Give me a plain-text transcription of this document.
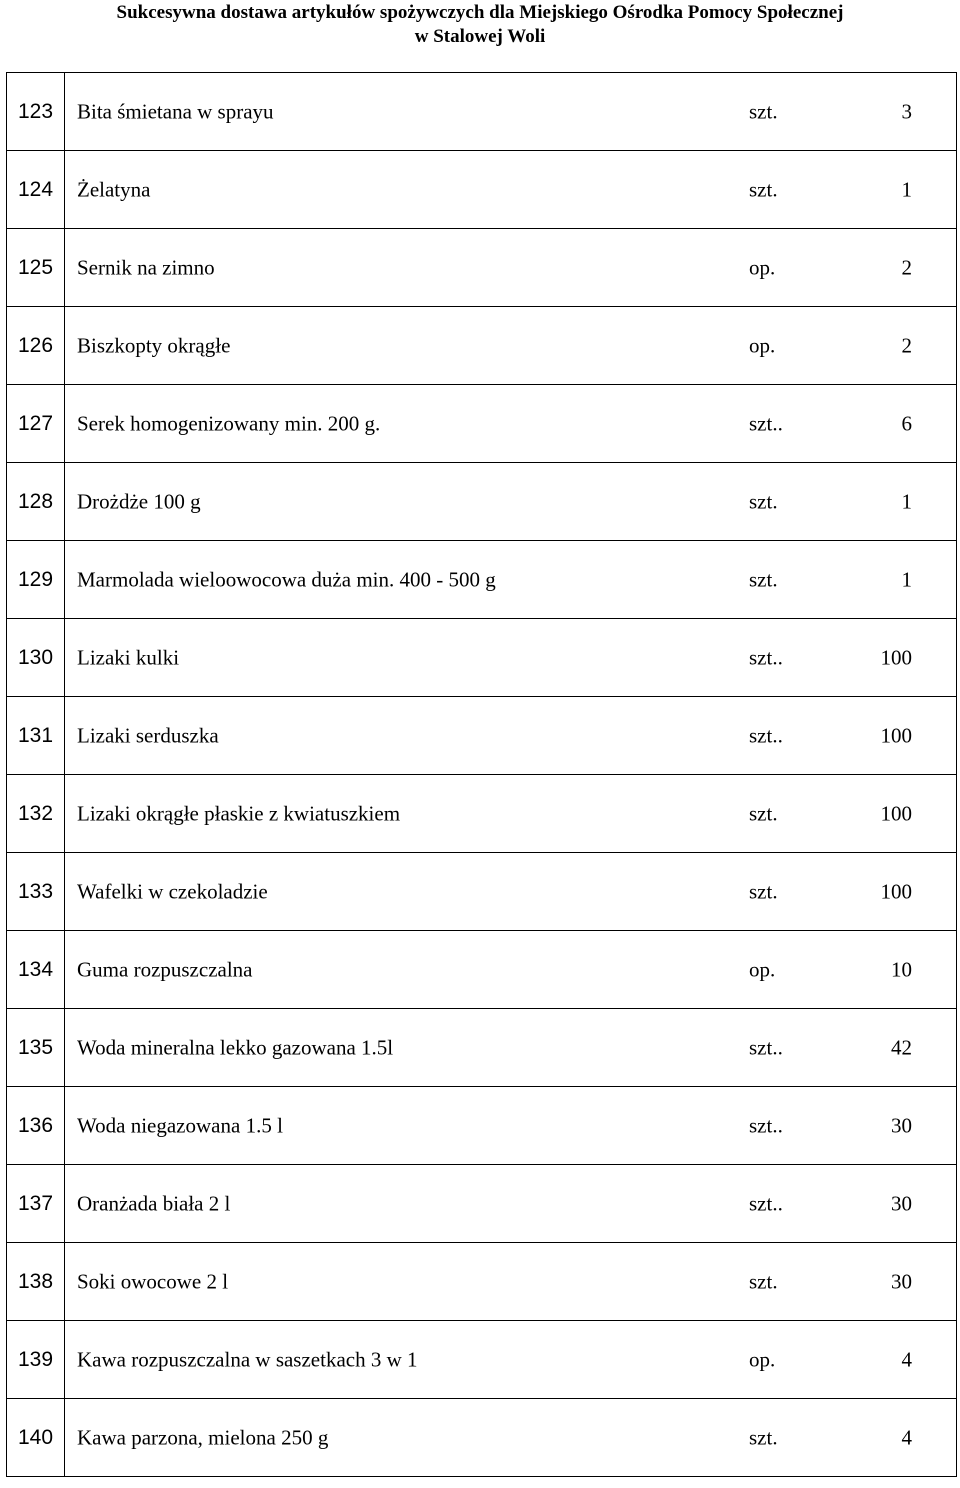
Sukcesywna dostawa artykułów spożywczych dla Miejskiego Ośrodka Pomocy Społecznej
w Stalowej Woli
123	Bita śmietana w sprayu szt. 3

124	Żelatyna szt. 1

125	Sernik na zimno op. 2

126	Biszkopty okrągłe op. 2

127	Serek homogenizowany min. 200 g. szt.. 6

128	Drożdże 100 g szt. 1

129	Marmolada wieloowocowa duża min. 400 - 500 g szt. 1

130	Lizaki kulki szt.. 100

131	Lizaki serduszka szt.. 100

132	Lizaki okrągłe płaskie z kwiatuszkiem szt. 100

133	Wafelki w czekoladzie szt. 100

134	Guma rozpuszczalna op. 10

135	Woda mineralna lekko gazowana 1.5l szt.. 42

136	Woda niegazowana 1.5 l szt.. 30

137	Oranżada biała 2 l szt.. 30

138	Soki owocowe 2 l szt. 30

139	Kawa rozpuszczalna w saszetkach 3 w 1 op. 4

140	Kawa parzona, mielona 250 g szt. 4
